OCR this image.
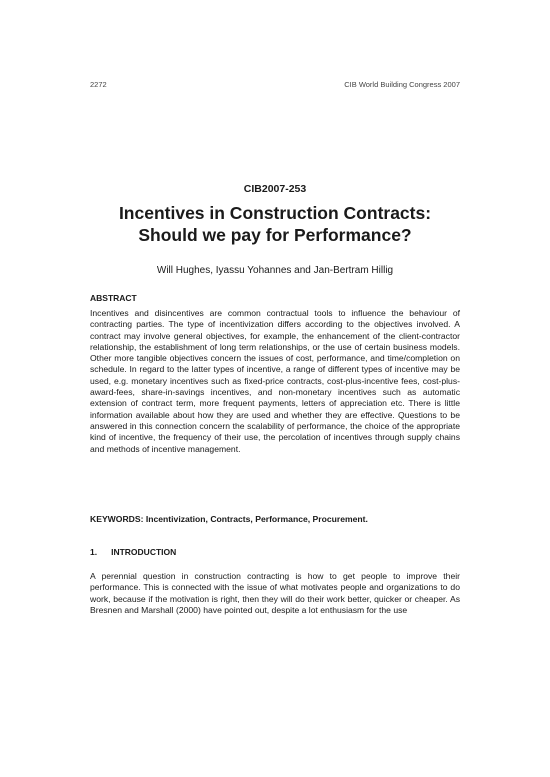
2272	CIB World Building Congress 2007
CIB2007-253
Incentives in Construction Contracts:
Should we pay for Performance?
Will Hughes, Iyassu Yohannes and Jan-Bertram Hillig
ABSTRACT

Incentives and disincentives are common contractual tools to influence the behaviour of contracting parties. The type of incentivization differs according to the objectives involved. A contract may involve general objectives, for example, the enhancement of the client-contractor relationship, the establishment of long term relationships, or the use of certain business models. Other more tangible objectives concern the issues of cost, performance, and time/completion on schedule. In regard to the latter types of incentive, a range of different types of incentive may be used, e.g. monetary incentives such as fixed-price contracts, cost-plus-incentive fees, cost-plus-award-fees, share-in-savings incentives, and non-monetary incentives such as automatic extension of contract term, more frequent payments, letters of appreciation etc. There is little information available about how they are used and whether they are effective. Questions to be answered in this connection concern the scalability of performance, the choice of the appropriate kind of incentive, the frequency of their use, the percolation of incentives through supply chains and methods of incentive management.

KEYWORDS: Incentivization, Contracts, Performance, Procurement.

1. INTRODUCTION

A perennial question in construction contracting is how to get people to improve their performance. This is connected with the issue of what motivates people and organizations to do work, because if the motivation is right, then they will do their work better, quicker or cheaper. As Bresnen and Marshall (2000) have pointed out, despite a lot enthusiasm for the use
